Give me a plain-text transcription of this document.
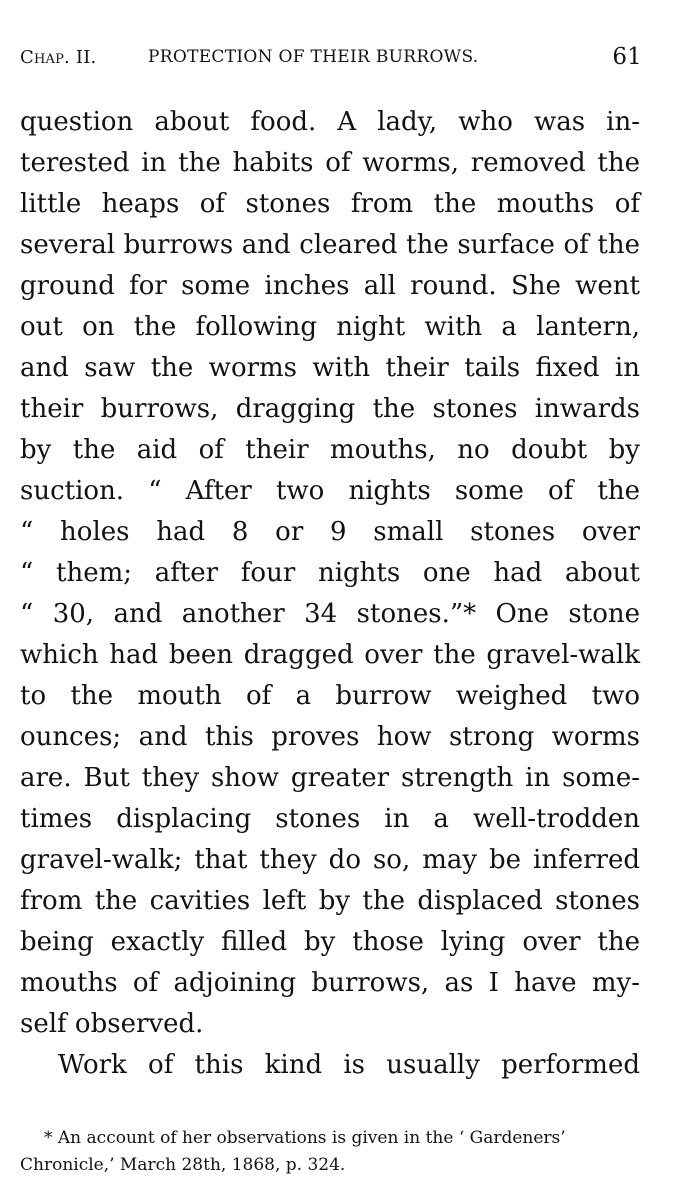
Chap. II.	PROTECTION OF THEIR BURROWS.	61
question about food. A lady, who was in-
terested in the habits of worms, removed the
little heaps of stones from the mouths of
several burrows and cleared the surface of the
ground for some inches all round. She went
out on the following night with a lantern,
and saw the worms with their tails fixed in
their burrows, dragging the stones inwards
by the aid of their mouths, no doubt by
suction. “ After two nights some of the
“ holes had 8 or 9 small stones over
“ them; after four nights one had about
“ 30, and another 34 stones.”* One stone
which had been dragged over the gravel-walk
to the mouth of a burrow weighed two
ounces; and this proves how strong worms
are. But they show greater strength in some-
times displacing stones in a well-trodden
gravel-walk; that they do so, may be inferred
from the cavities left by the displaced stones
being exactly filled by those lying over the
mouths of adjoining burrows, as I have my-
self observed.
Work of this kind is usually performed
* An account of her observations is given in the ‘ Gardeners’
Chronicle,’ March 28th, 1868, p. 324.
